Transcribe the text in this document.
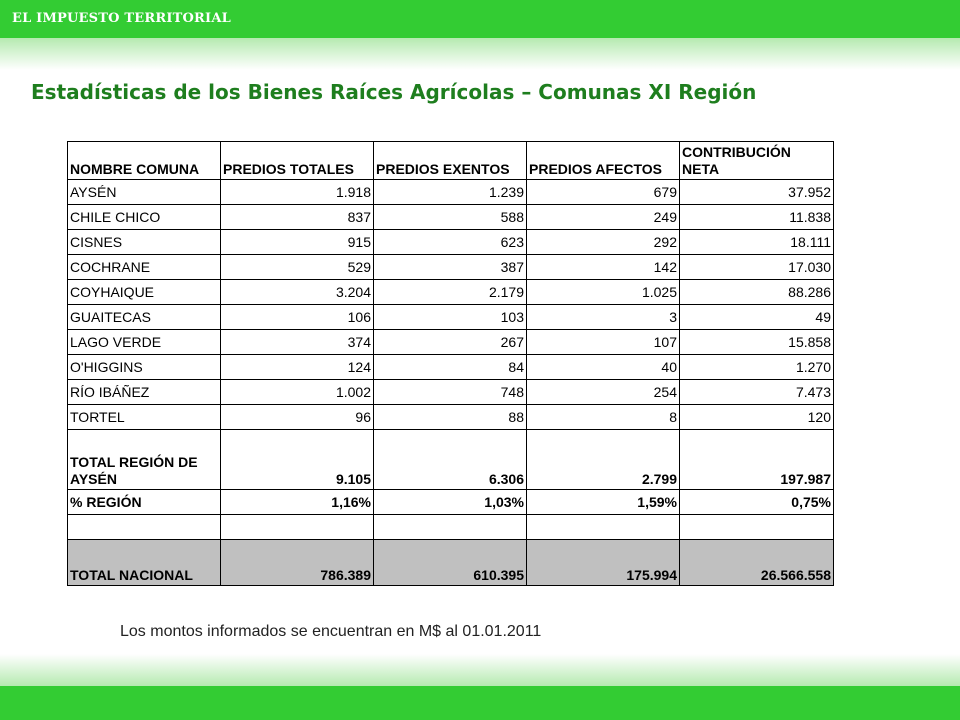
EL IMPUESTO TERRITORIAL
Estadísticas de los Bienes Raíces Agrícolas – Comunas XI Región
NOMBRE COMUNA	PREDIOS TOTALES	PREDIOS EXENTOS	PREDIOS AFECTOS	CONTRIBUCIÓN NETA
AYSÉN	1.918	1.239	679	37.952
CHILE CHICO	837	588	249	11.838
CISNES	915	623	292	18.111
COCHRANE	529	387	142	17.030
COYHAIQUE	3.204	2.179	1.025	88.286
GUAITECAS	106	103	3	49
LAGO VERDE	374	267	107	15.858
O'HIGGINS	124	84	40	1.270
RÍO IBÁÑEZ	1.002	748	254	7.473
TORTEL	96	88	8	120
TOTAL REGIÓN DE AYSÉN	9.105	6.306	2.799	197.987
% REGIÓN	1,16%	1,03%	1,59%	0,75%

TOTAL NACIONAL	786.389	610.395	175.994	26.566.558
Los montos informados se encuentran en M$ al 01.01.2011
